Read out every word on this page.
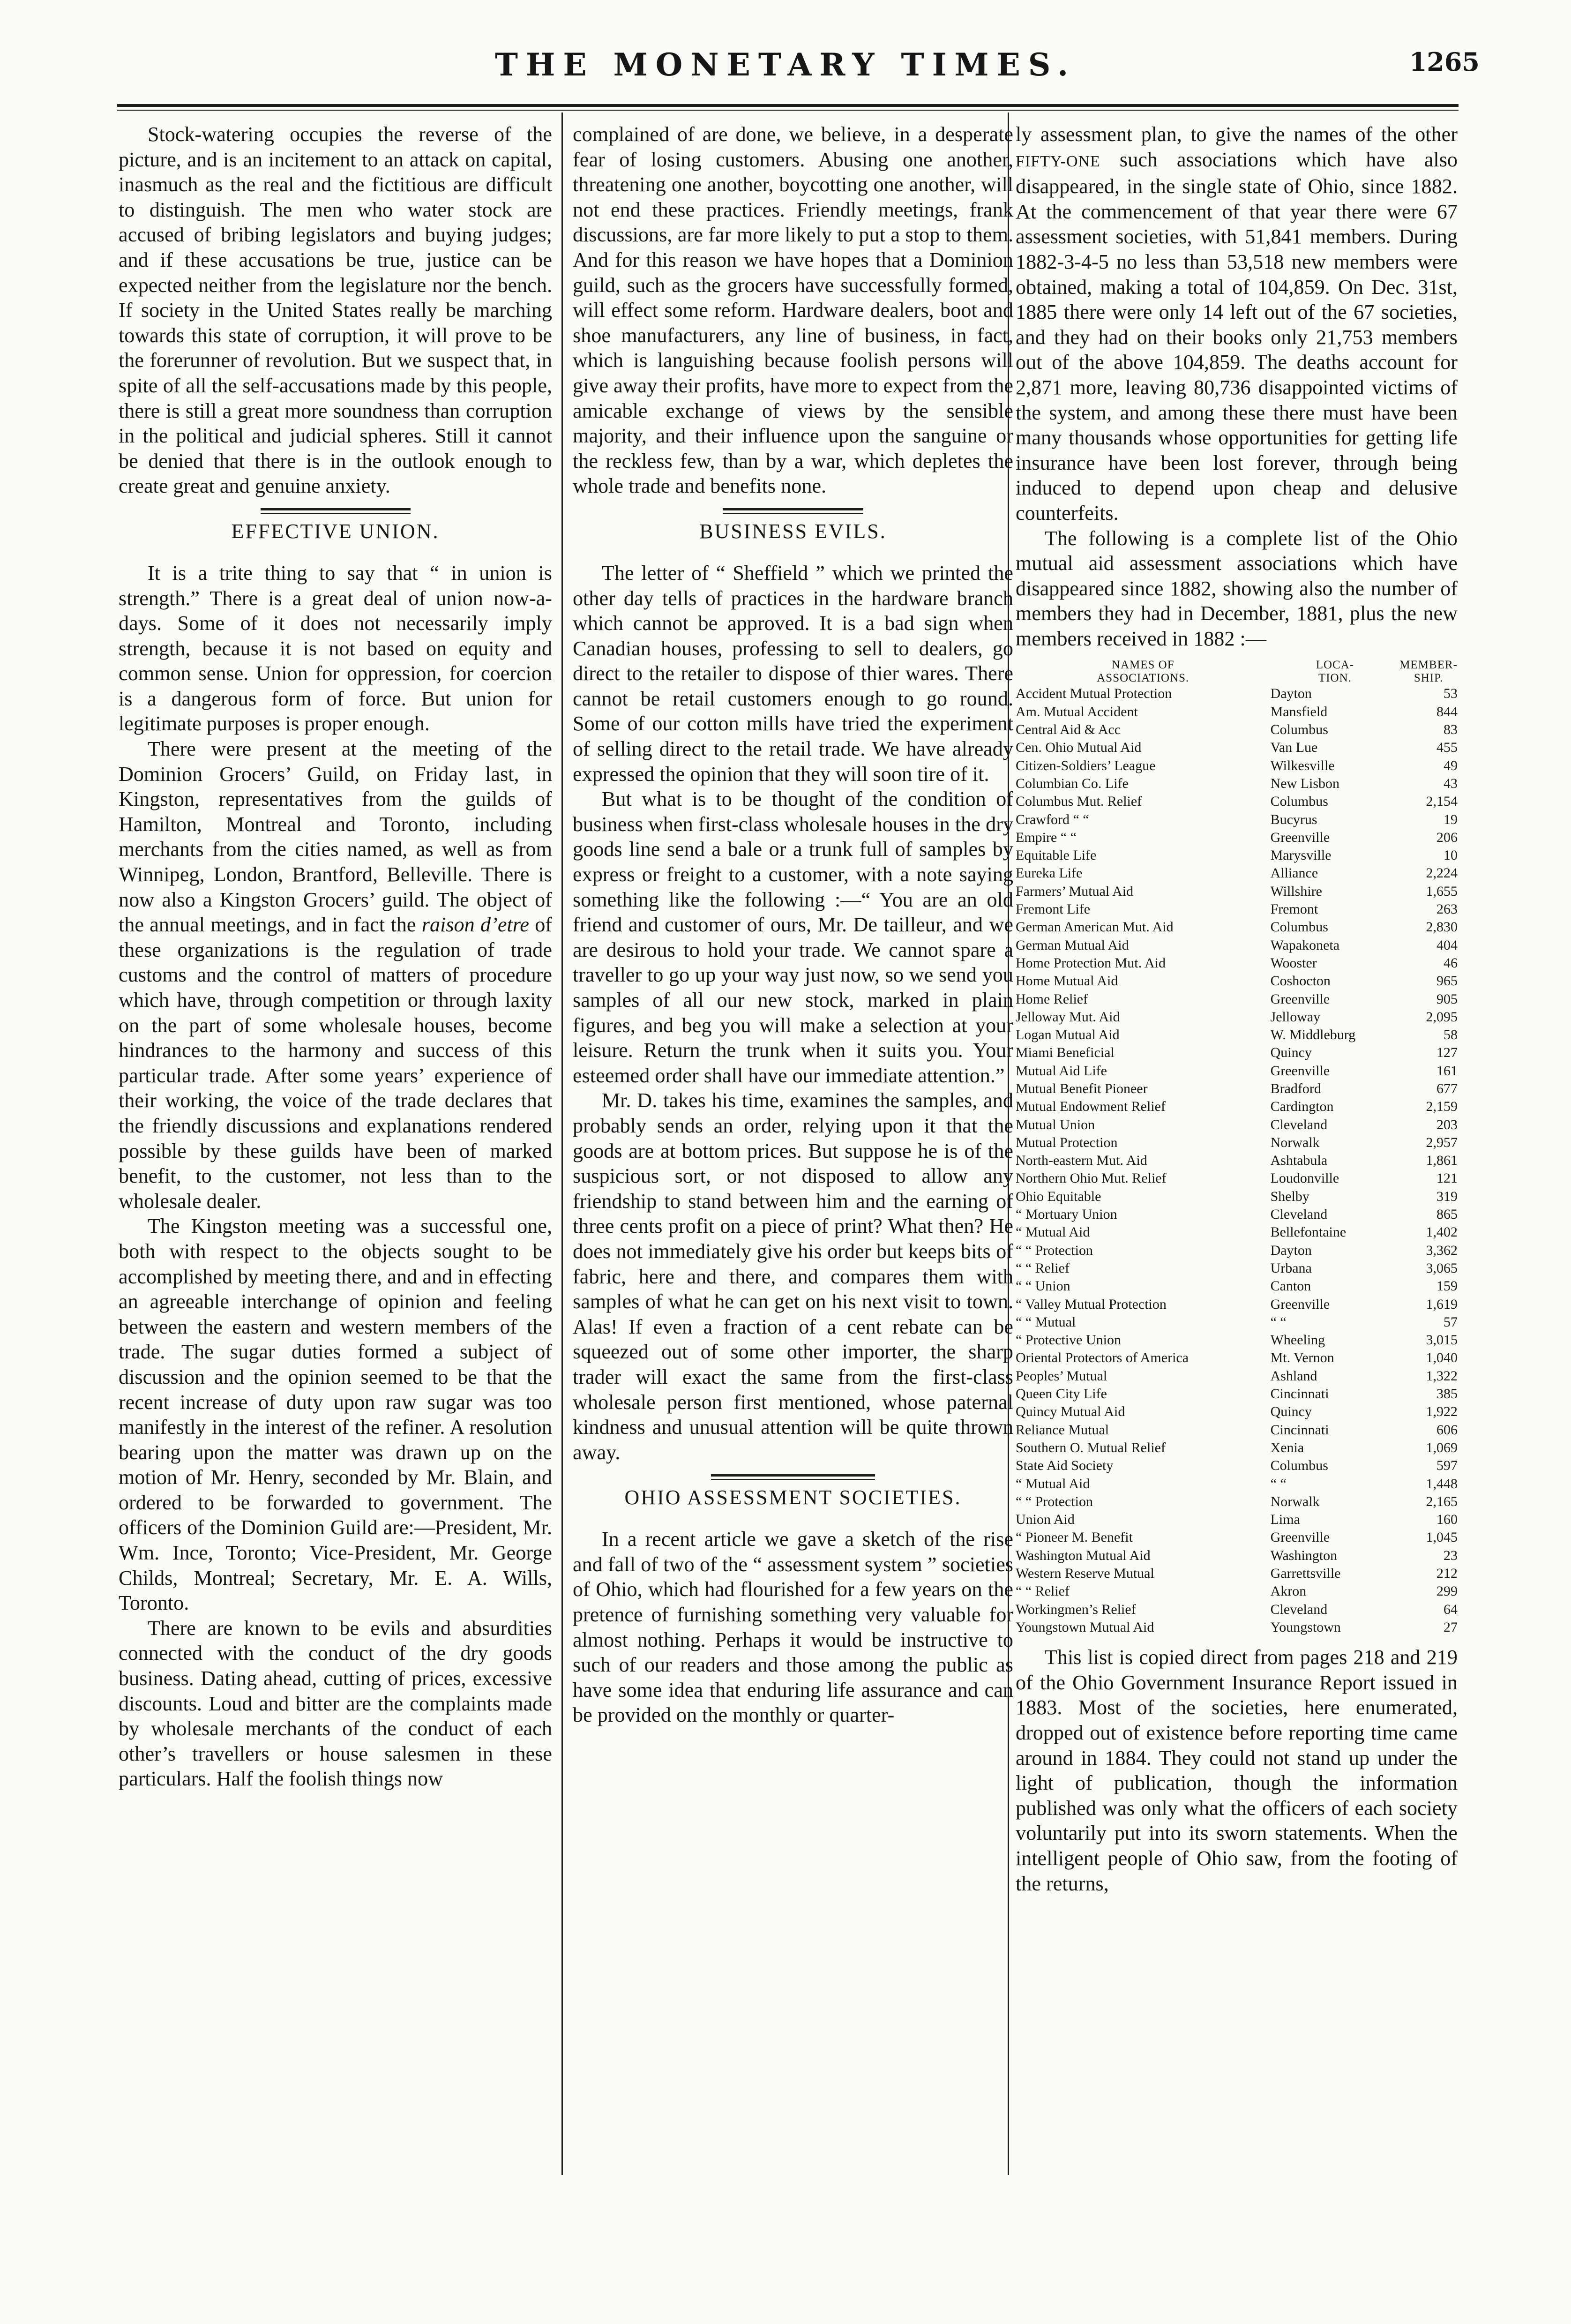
THE MONETARY TIMES.	1265

Stock-watering occupies the reverse of the picture, and is an incitement to an attack on capital, inasmuch as the real and the fictitious are difficult to distinguish. The men who water stock are accused of bribing legislators and buying judges; and if these accusations be true, justice can be expected neither from the legislature nor the bench. If society in the United States really be marching towards this state of corruption, it will prove to be the forerunner of revolution. But we suspect that, in spite of all the self-accusations made by this people, there is still a great more soundness than corruption in the political and judicial spheres. Still it cannot be denied that there is in the outlook enough to create great and genuine anxiety.

EFFECTIVE UNION.

It is a trite thing to say that “ in union is strength.” There is a great deal of union now-a-days. Some of it does not necessarily imply strength, because it is not based on equity and common sense. Union for oppression, for coercion is a dangerous form of force. But union for legitimate purposes is proper enough.

There were present at the meeting of the Dominion Grocers’ Guild, on Friday last, in Kingston, representatives from the guilds of Hamilton, Montreal and Toronto, including merchants from the cities named, as well as from Winnipeg, London, Brantford, Belleville. There is now also a Kingston Grocers’ guild. The object of the annual meetings, and in fact the raison d’etre of these organizations is the regulation of trade customs and the control of matters of procedure which have, through competition or through laxity on the part of some wholesale houses, become hindrances to the harmony and success of this particular trade. After some years’ experience of their working, the voice of the trade declares that the friendly discussions and explanations rendered possible by these guilds have been of marked benefit, to the customer, not less than to the wholesale dealer.

The Kingston meeting was a successful one, both with respect to the objects sought to be accomplished by meeting there, and and in effecting an agreeable interchange of opinion and feeling between the eastern and western members of the trade. The sugar duties formed a subject of discussion and the opinion seemed to be that the recent increase of duty upon raw sugar was too manifestly in the interest of the refiner. A resolution bearing upon the matter was drawn up on the motion of Mr. Henry, seconded by Mr. Blain, and ordered to be forwarded to government. The officers of the Dominion Guild are:—President, Mr. Wm. Ince, Toronto; Vice-President, Mr. George Childs, Montreal; Secretary, Mr. E. A. Wills, Toronto.

There are known to be evils and absurdities connected with the conduct of the dry goods business. Dating ahead, cutting of prices, excessive discounts. Loud and bitter are the complaints made by wholesale merchants of the conduct of each other’s travellers or house salesmen in these particulars. Half the foolish things now

complained of are done, we believe, in a desperate fear of losing customers. Abusing one another, threatening one another, boycotting one another, will not end these practices. Friendly meetings, frank discussions, are far more likely to put a stop to them. And for this reason we have hopes that a Dominion guild, such as the grocers have successfully formed, will effect some reform. Hardware dealers, boot and shoe manufacturers, any line of business, in fact, which is languishing because foolish persons will give away their profits, have more to expect from the amicable exchange of views by the sensible majority, and their influence upon the sanguine or the reckless few, than by a war, which depletes the whole trade and benefits none.

BUSINESS EVILS.

The letter of “ Sheffield ” which we printed the other day tells of practices in the hardware branch which cannot be approved. It is a bad sign when Canadian houses, professing to sell to dealers, go direct to the retailer to dispose of thier wares. There cannot be retail customers enough to go round. Some of our cotton mills have tried the experiment of selling direct to the retail trade. We have already expressed the opinion that they will soon tire of it.

But what is to be thought of the condition of business when first-class wholesale houses in the dry goods line send a bale or a trunk full of samples by express or freight to a customer, with a note saying something like the following :—“ You are an old friend and customer of ours, Mr. De tailleur, and we are desirous to hold your trade. We cannot spare a traveller to go up your way just now, so we send you samples of all our new stock, marked in plain figures, and beg you will make a selection at your leisure. Return the trunk when it suits you. Your esteemed order shall have our immediate attention.”

Mr. D. takes his time, examines the samples, and probably sends an order, relying upon it that the goods are at bottom prices. But suppose he is of the suspicious sort, or not disposed to allow any friendship to stand between him and the earning of three cents profit on a piece of print? What then? He does not immediately give his order but keeps bits of fabric, here and there, and compares them with samples of what he can get on his next visit to town. Alas! If even a fraction of a cent rebate can be squeezed out of some other importer, the sharp trader will exact the same from the first-class wholesale person first mentioned, whose paternal kindness and unusual attention will be quite thrown away.

OHIO ASSESSMENT SOCIETIES.

In a recent article we gave a sketch of the rise and fall of two of the “ assessment system ” societies of Ohio, which had flourished for a few years on the pretence of furnishing something very valuable for almost nothing. Perhaps it would be instructive to such of our readers and those among the public as have some idea that enduring life assurance and can be provided on the monthly or quarter-

ly assessment plan, to give the names of the other FIFTY-ONE such associations which have also disappeared, in the single state of Ohio, since 1882. At the commencement of that year there were 67 assessment societies, with 51,841 members. During 1882-3-4-5 no less than 53,518 new members were obtained, making a total of 104,859. On Dec. 31st, 1885 there were only 14 left out of the 67 societies, and they had on their books only 21,753 members out of the above 104,859. The deaths account for 2,871 more, leaving 80,736 disappointed victims of the system, and among these there must have been many thousands whose opportunities for getting life insurance have been lost forever, through being induced to depend upon cheap and delusive counterfeits.

The following is a complete list of the Ohio mutual aid assessment associations which have disappeared since 1882, showing also the number of members they had in December, 1881, plus the new members received in 1882 :—

NAMES OF
ASSOCIATIONS.	LOCA-
TION.	MEMBER-
SHIP.
Accident Mutual Protection	Dayton	53
Am. Mutual Accident	Mansfield	844
Central Aid & Acc	Columbus	83
Cen. Ohio Mutual Aid	Van Lue	455
Citizen-Soldiers’ League	Wilkesville	49
Columbian Co. Life	New Lisbon	43
Columbus Mut. Relief	Columbus	2,154
Crawford “ “	Bucyrus	19
Empire “ “	Greenville	206
Equitable Life	Marysville	10
Eureka Life	Alliance	2,224
Farmers’ Mutual Aid	Willshire	1,655
Fremont Life	Fremont	263
German American Mut. Aid	Columbus	2,830
German Mutual Aid	Wapakoneta	404
Home Protection Mut. Aid	Wooster	46
Home Mutual Aid	Coshocton	965
Home Relief	Greenville	905
Jelloway Mut. Aid	Jelloway	2,095
Logan Mutual Aid	W. Middleburg	58
Miami Beneficial	Quincy	127
Mutual Aid Life	Greenville	161
Mutual Benefit Pioneer	Bradford	677
Mutual Endowment Relief	Cardington	2,159
Mutual Union	Cleveland	203
Mutual Protection	Norwalk	2,957
North-eastern Mut. Aid	Ashtabula	1,861
Northern Ohio Mut. Relief	Loudonville	121
Ohio Equitable	Shelby	319
“ Mortuary Union	Cleveland	865
“ Mutual Aid	Bellefontaine	1,402
“ “ Protection	Dayton	3,362
“ “ Relief	Urbana	3,065
“ “ Union	Canton	159
“ Valley Mutual Protection	Greenville	1,619
“ “ Mutual	“ “	57
“ Protective Union	Wheeling	3,015
Oriental Protectors of America	Mt. Vernon	1,040
Peoples’ Mutual	Ashland	1,322
Queen City Life	Cincinnati	385
Quincy Mutual Aid	Quincy	1,922
Reliance Mutual	Cincinnati	606
Southern O. Mutual Relief	Xenia	1,069
State Aid Society	Columbus	597
“ Mutual Aid	“ “	1,448
“ “ Protection	Norwalk	2,165
Union Aid	Lima	160
“ Pioneer M. Benefit	Greenville	1,045
Washington Mutual Aid	Washington	23
Western Reserve Mutual	Garrettsville	212
“ “ Relief	Akron	299
Workingmen’s Relief	Cleveland	64
Youngstown Mutual Aid	Youngstown	27

This list is copied direct from pages 218 and 219 of the Ohio Government Insurance Report issued in 1883. Most of the societies, here enumerated, dropped out of existence before reporting time came around in 1884. They could not stand up under the light of publication, though the information published was only what the officers of each society voluntarily put into its sworn statements. When the intelligent people of Ohio saw, from the footing of the returns,
